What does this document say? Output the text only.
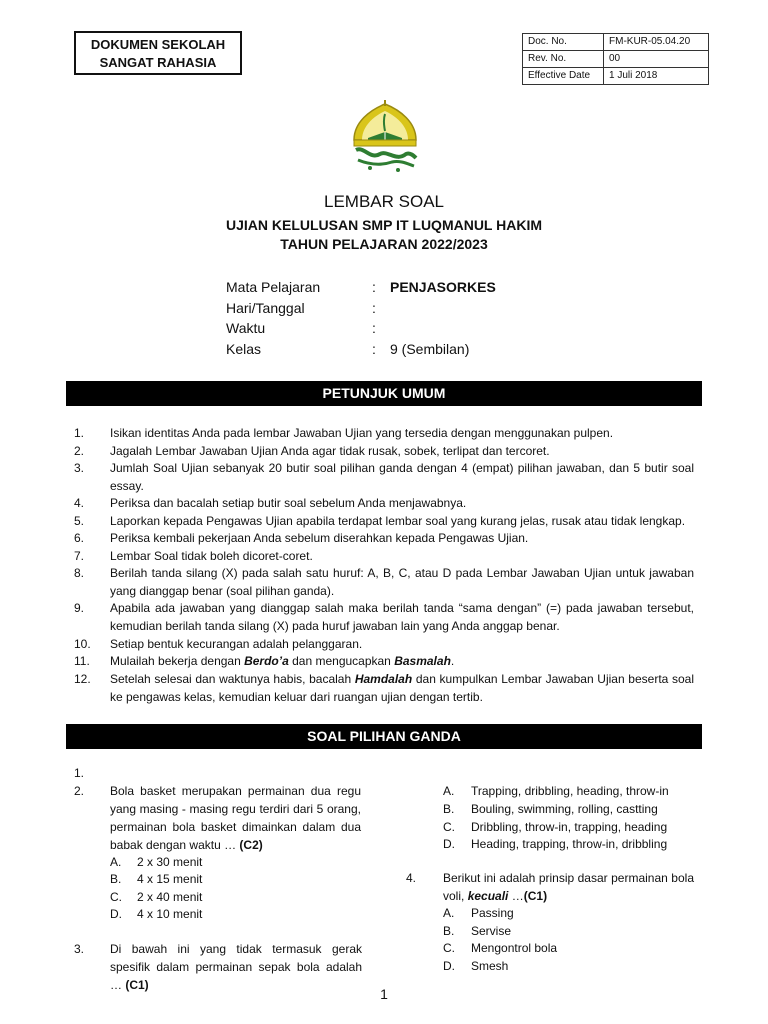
DOKUMEN SEKOLAH
SANGAT RAHASIA
Doc. No.	FM-KUR-05.04.20
Rev. No.	00
Effective Date	1 Juli 2018
LEMBAR SOAL
UJIAN KELULUSAN SMP IT LUQMANUL HAKIM
TAHUN PELAJARAN 2022/2023
Mata Pelajaran	: PENJASORKES
Hari/Tanggal	:
Waktu	:
Kelas	: 9 (Sembilan)
PETUNJUK UMUM
1. Isikan identitas Anda pada lembar Jawaban Ujian yang tersedia dengan menggunakan pulpen.
2. Jagalah Lembar Jawaban Ujian Anda agar tidak rusak, sobek, terlipat dan tercoret.
3. Jumlah Soal Ujian sebanyak 20 butir soal pilihan ganda dengan 4 (empat) pilihan jawaban, dan 5 butir soal essay.
4. Periksa dan bacalah setiap butir soal sebelum Anda menjawabnya.
5. Laporkan kepada Pengawas Ujian apabila terdapat lembar soal yang kurang jelas, rusak atau tidak lengkap.
6. Periksa kembali pekerjaan Anda sebelum diserahkan kepada Pengawas Ujian.
7. Lembar Soal tidak boleh dicoret-coret.
8. Berilah tanda silang (X) pada salah satu huruf: A, B, C, atau D pada Lembar Jawaban Ujian untuk jawaban yang dianggap benar (soal pilihan ganda).
9. Apabila ada jawaban yang dianggap salah maka berilah tanda “sama dengan” (=) pada jawaban tersebut, kemudian berilah tanda silang (X) pada huruf jawaban lain yang Anda anggap benar.
10. Setiap bentuk kecurangan adalah pelanggaran.
11. Mulailah bekerja dengan Berdo’a dan mengucapkan Basmalah.
12. Setelah selesai dan waktunya habis, bacalah Hamdalah dan kumpulkan Lembar Jawaban Ujian beserta soal ke pengawas kelas, kemudian keluar dari ruangan ujian dengan tertib.
SOAL PILIHAN GANDA
1.
2. Bola basket merupakan permainan dua regu yang masing - masing regu terdiri dari 5 orang, permainan bola basket dimainkan dalam dua babak dengan waktu … (C2)
A. 2 x 30 menit
B. 4 x 15 menit
C. 2 x 40 menit
D. 4 x 10 menit
3. Di bawah ini yang tidak termasuk gerak spesifik dalam permainan sepak bola adalah … (C1)
A. Trapping, dribbling, heading, throw-in
B. Bouling, swimming, rolling, castting
C. Dribbling, throw-in, trapping, heading
D. Heading, trapping, throw-in, dribbling
4. Berikut ini adalah prinsip dasar permainan bola voli, kecuali …(C1)
A. Passing
B. Servise
C. Mengontrol bola
D. Smesh
1
